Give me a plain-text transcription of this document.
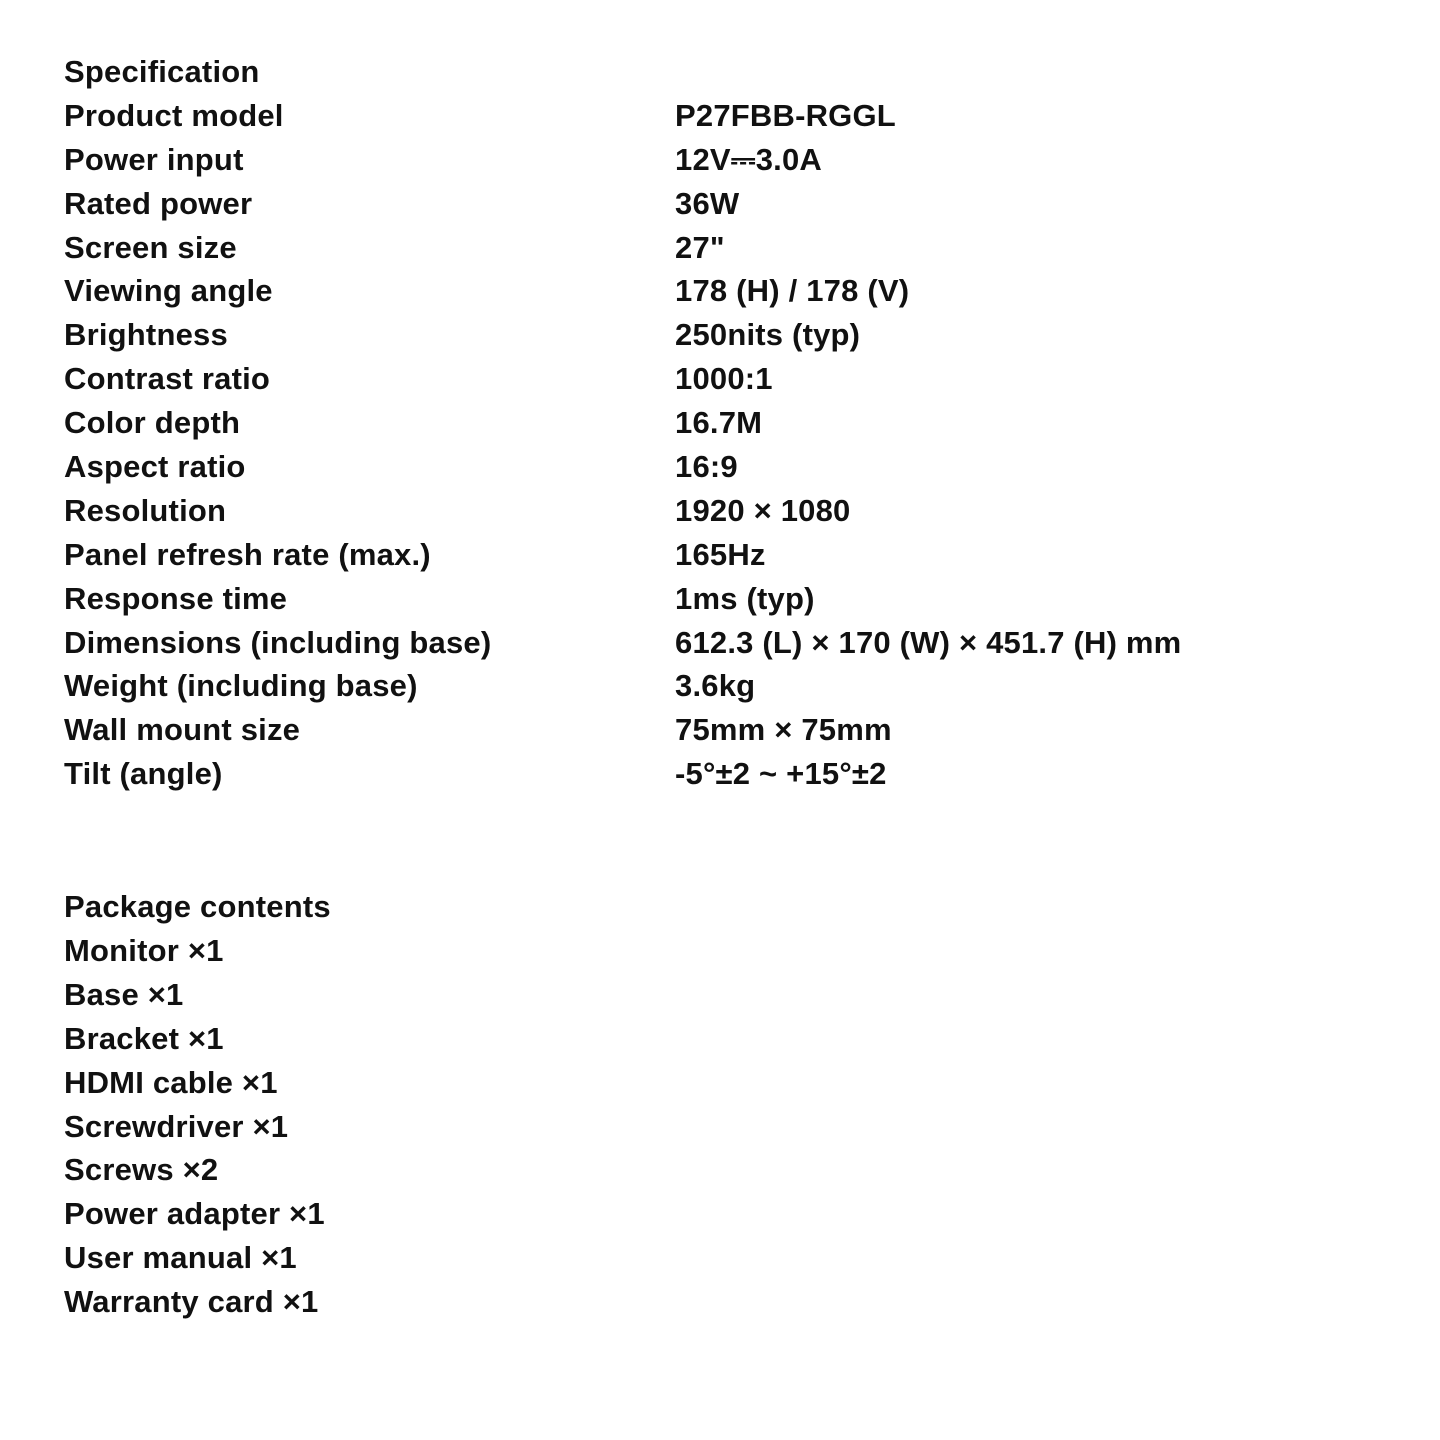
Specification
Product model	P27FBB-RGGL
Power input	12V⎓3.0A
Rated power	36W
Screen size	27"
Viewing angle	178 (H) / 178 (V)
Brightness	250nits (typ)
Contrast ratio	1000:1
Color depth	16.7M
Aspect ratio	16:9
Resolution	1920 × 1080
Panel refresh rate (max.)	165Hz
Response time	1ms (typ)
Dimensions (including base)	612.3 (L) × 170 (W) × 451.7 (H) mm
Weight (including base)	3.6kg
Wall mount size	75mm × 75mm
Tilt (angle)	-5°±2 ~ +15°±2
Package contents
Monitor ×1
Base ×1
Bracket ×1
HDMI cable ×1
Screwdriver ×1
Screws ×2
Power adapter ×1
User manual ×1
Warranty card ×1
